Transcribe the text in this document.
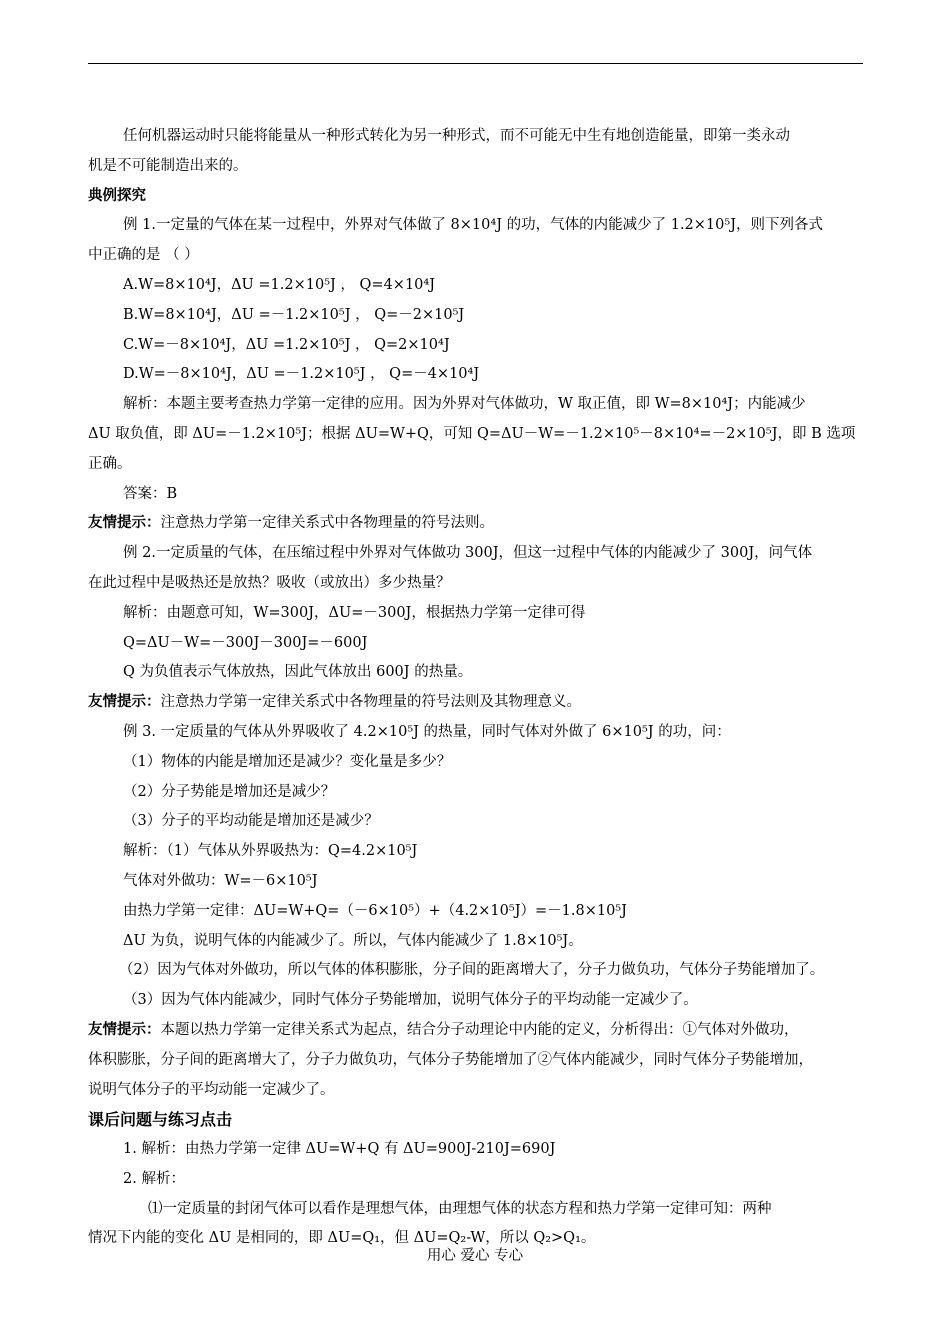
任何机器运动时只能将能量从一种形式转化为另一种形式，而不可能无中生有地创造能量，即第一类永动
机是不可能制造出来的。
典例探究
例 1.一定量的气体在某一过程中，外界对气体做了 8×10⁴J 的功，气体的内能减少了 1.2×10⁵J，则下列各式
中正确的是 （ ）
A.W=8×10⁴J，ΔU =1.2×10⁵J ， Q=4×10⁴J
B.W=8×10⁴J，ΔU =－1.2×10⁵J ， Q=－2×10⁵J
C.W=－8×10⁴J，ΔU =1.2×10⁵J ， Q=2×10⁴J
D.W=－8×10⁴J，ΔU =－1.2×10⁵J ， Q=－4×10⁴J
解析：本题主要考查热力学第一定律的应用。因为外界对气体做功，W 取正值，即 W=8×10⁴J；内能减少
ΔU 取负值，即 ΔU=－1.2×10⁵J；根据 ΔU=W+Q，可知 Q=ΔU－W=－1.2×10⁵－8×10⁴=－2×10⁵J，即 B 选项正确。
答案：B
友情提示：注意热力学第一定律关系式中各物理量的符号法则。
例 2.一定质量的气体，在压缩过程中外界对气体做功 300J，但这一过程中气体的内能减少了 300J，问气体
在此过程中是吸热还是放热？吸收（或放出）多少热量？
解析：由题意可知，W=300J，ΔU=－300J，根据热力学第一定律可得
Q=ΔU－W=－300J－300J=－600J
Q 为负值表示气体放热，因此气体放出 600J 的热量。
友情提示：注意热力学第一定律关系式中各物理量的符号法则及其物理意义。
例 3. 一定质量的气体从外界吸收了 4.2×10⁵J 的热量，同时气体对外做了 6×10⁵J 的功，问：
（1）物体的内能是增加还是减少？变化量是多少？
（2）分子势能是增加还是减少？
（3）分子的平均动能是增加还是减少？
解析：（1）气体从外界吸热为：Q=4.2×10⁵J
气体对外做功：W=－6×10⁵J
由热力学第一定律：ΔU=W+Q=（－6×10⁵）+（4.2×10⁵J）=－1.8×10⁵J
ΔU 为负，说明气体的内能减少了。所以，气体内能减少了 1.8×10⁵J。
（2）因为气体对外做功，所以气体的体积膨胀，分子间的距离增大了，分子力做负功，气体分子势能增加了。
（3）因为气体内能减少，同时气体分子势能增加，说明气体分子的平均动能一定减少了。
友情提示：本题以热力学第一定律关系式为起点，结合分子动理论中内能的定义，分析得出：①气体对外做功，
体积膨胀，分子间的距离增大了，分子力做负功，气体分子势能增加了②气体内能减少，同时气体分子势能增加，
说明气体分子的平均动能一定减少了。
课后问题与练习点击
1. 解析：由热力学第一定律 ΔU=W+Q 有 ΔU=900J-210J=690J
2. 解析：
⑴一定质量的封闭气体可以看作是理想气体，由理想气体的状态方程和热力学第一定律可知：两种
情况下内能的变化 ΔU 是相同的，即 ΔU=Q₁，但 ΔU=Q₂-W，所以 Q₂>Q₁。
用心 爱心 专心
